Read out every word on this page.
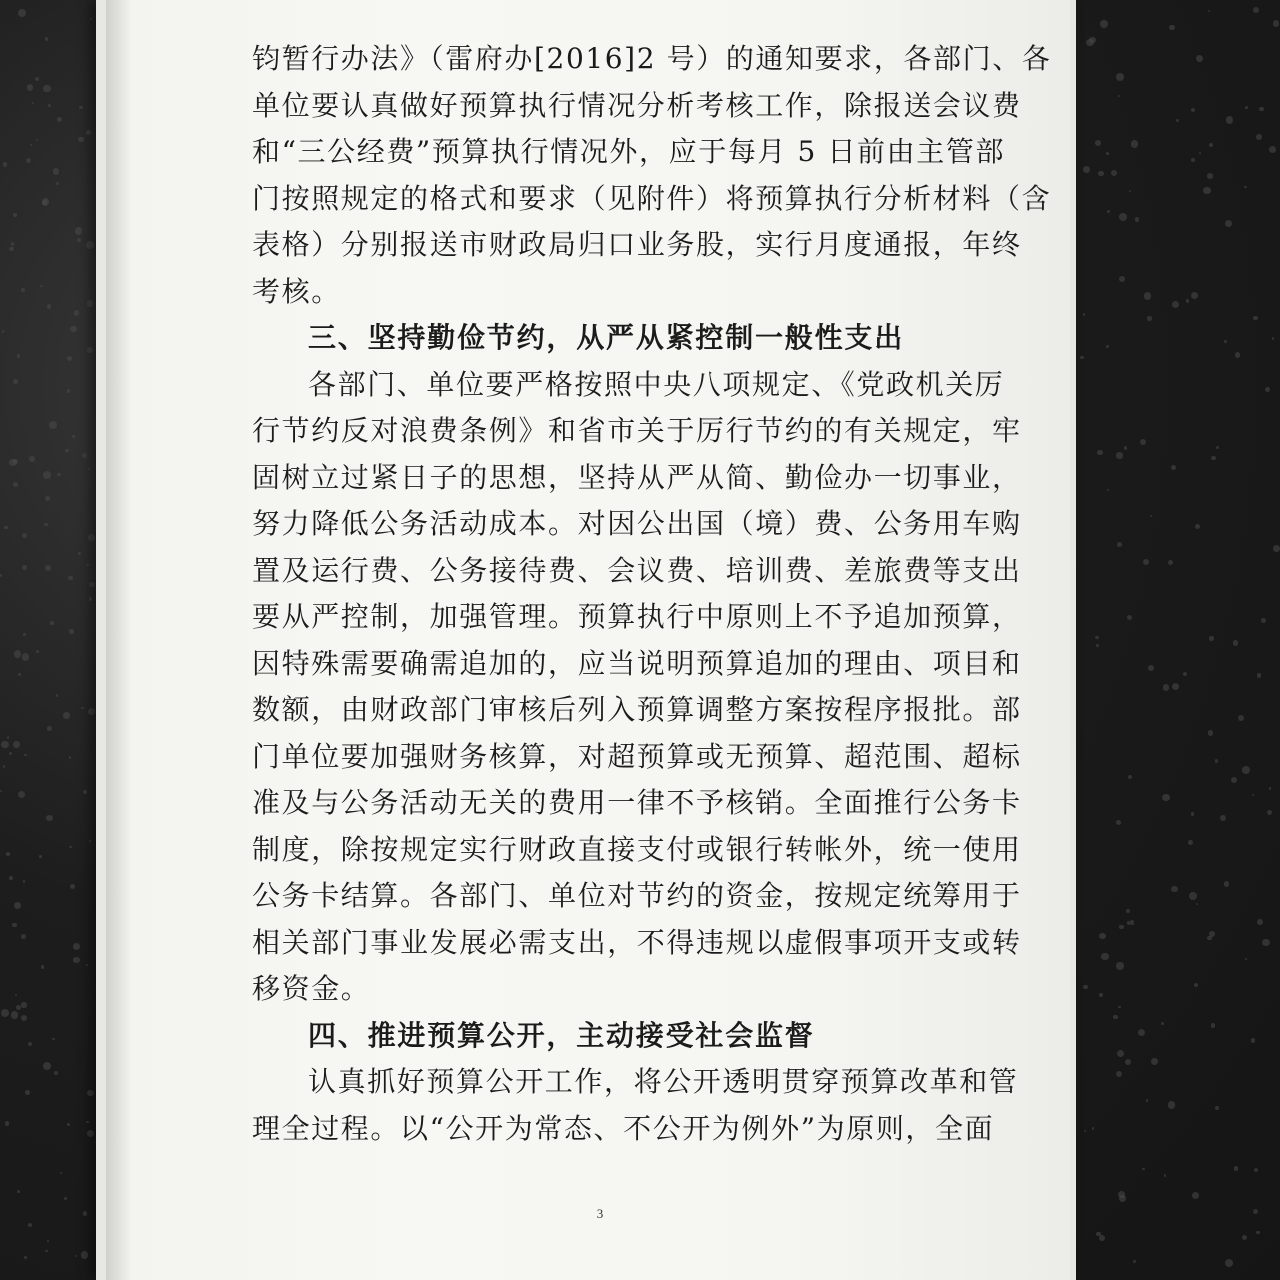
钧暂行办法》（雷府办[2016]2 号）的通知要求，各部门、各
单位要认真做好预算执行情况分析考核工作，除报送会议费
和“三公经费”预算执行情况外，应于每月 5 日前由主管部
门按照规定的格式和要求（见附件）将预算执行分析材料（含
表格）分别报送市财政局归口业务股，实行月度通报，年终
考核。
三、坚持勤俭节约，从严从紧控制一般性支出
各部门、单位要严格按照中央八项规定、《党政机关厉
行节约反对浪费条例》和省市关于厉行节约的有关规定，牢
固树立过紧日子的思想，坚持从严从简、勤俭办一切事业，
努力降低公务活动成本。对因公出国（境）费、公务用车购
置及运行费、公务接待费、会议费、培训费、差旅费等支出
要从严控制，加强管理。预算执行中原则上不予追加预算，
因特殊需要确需追加的，应当说明预算追加的理由、项目和
数额，由财政部门审核后列入预算调整方案按程序报批。部
门单位要加强财务核算，对超预算或无预算、超范围、超标
准及与公务活动无关的费用一律不予核销。全面推行公务卡
制度，除按规定实行财政直接支付或银行转帐外，统一使用
公务卡结算。各部门、单位对节约的资金，按规定统筹用于
相关部门事业发展必需支出，不得违规以虚假事项开支或转
移资金。
四、推进预算公开，主动接受社会监督
认真抓好预算公开工作，将公开透明贯穿预算改革和管
理全过程。以“公开为常态、不公开为例外”为原则，全面
3
